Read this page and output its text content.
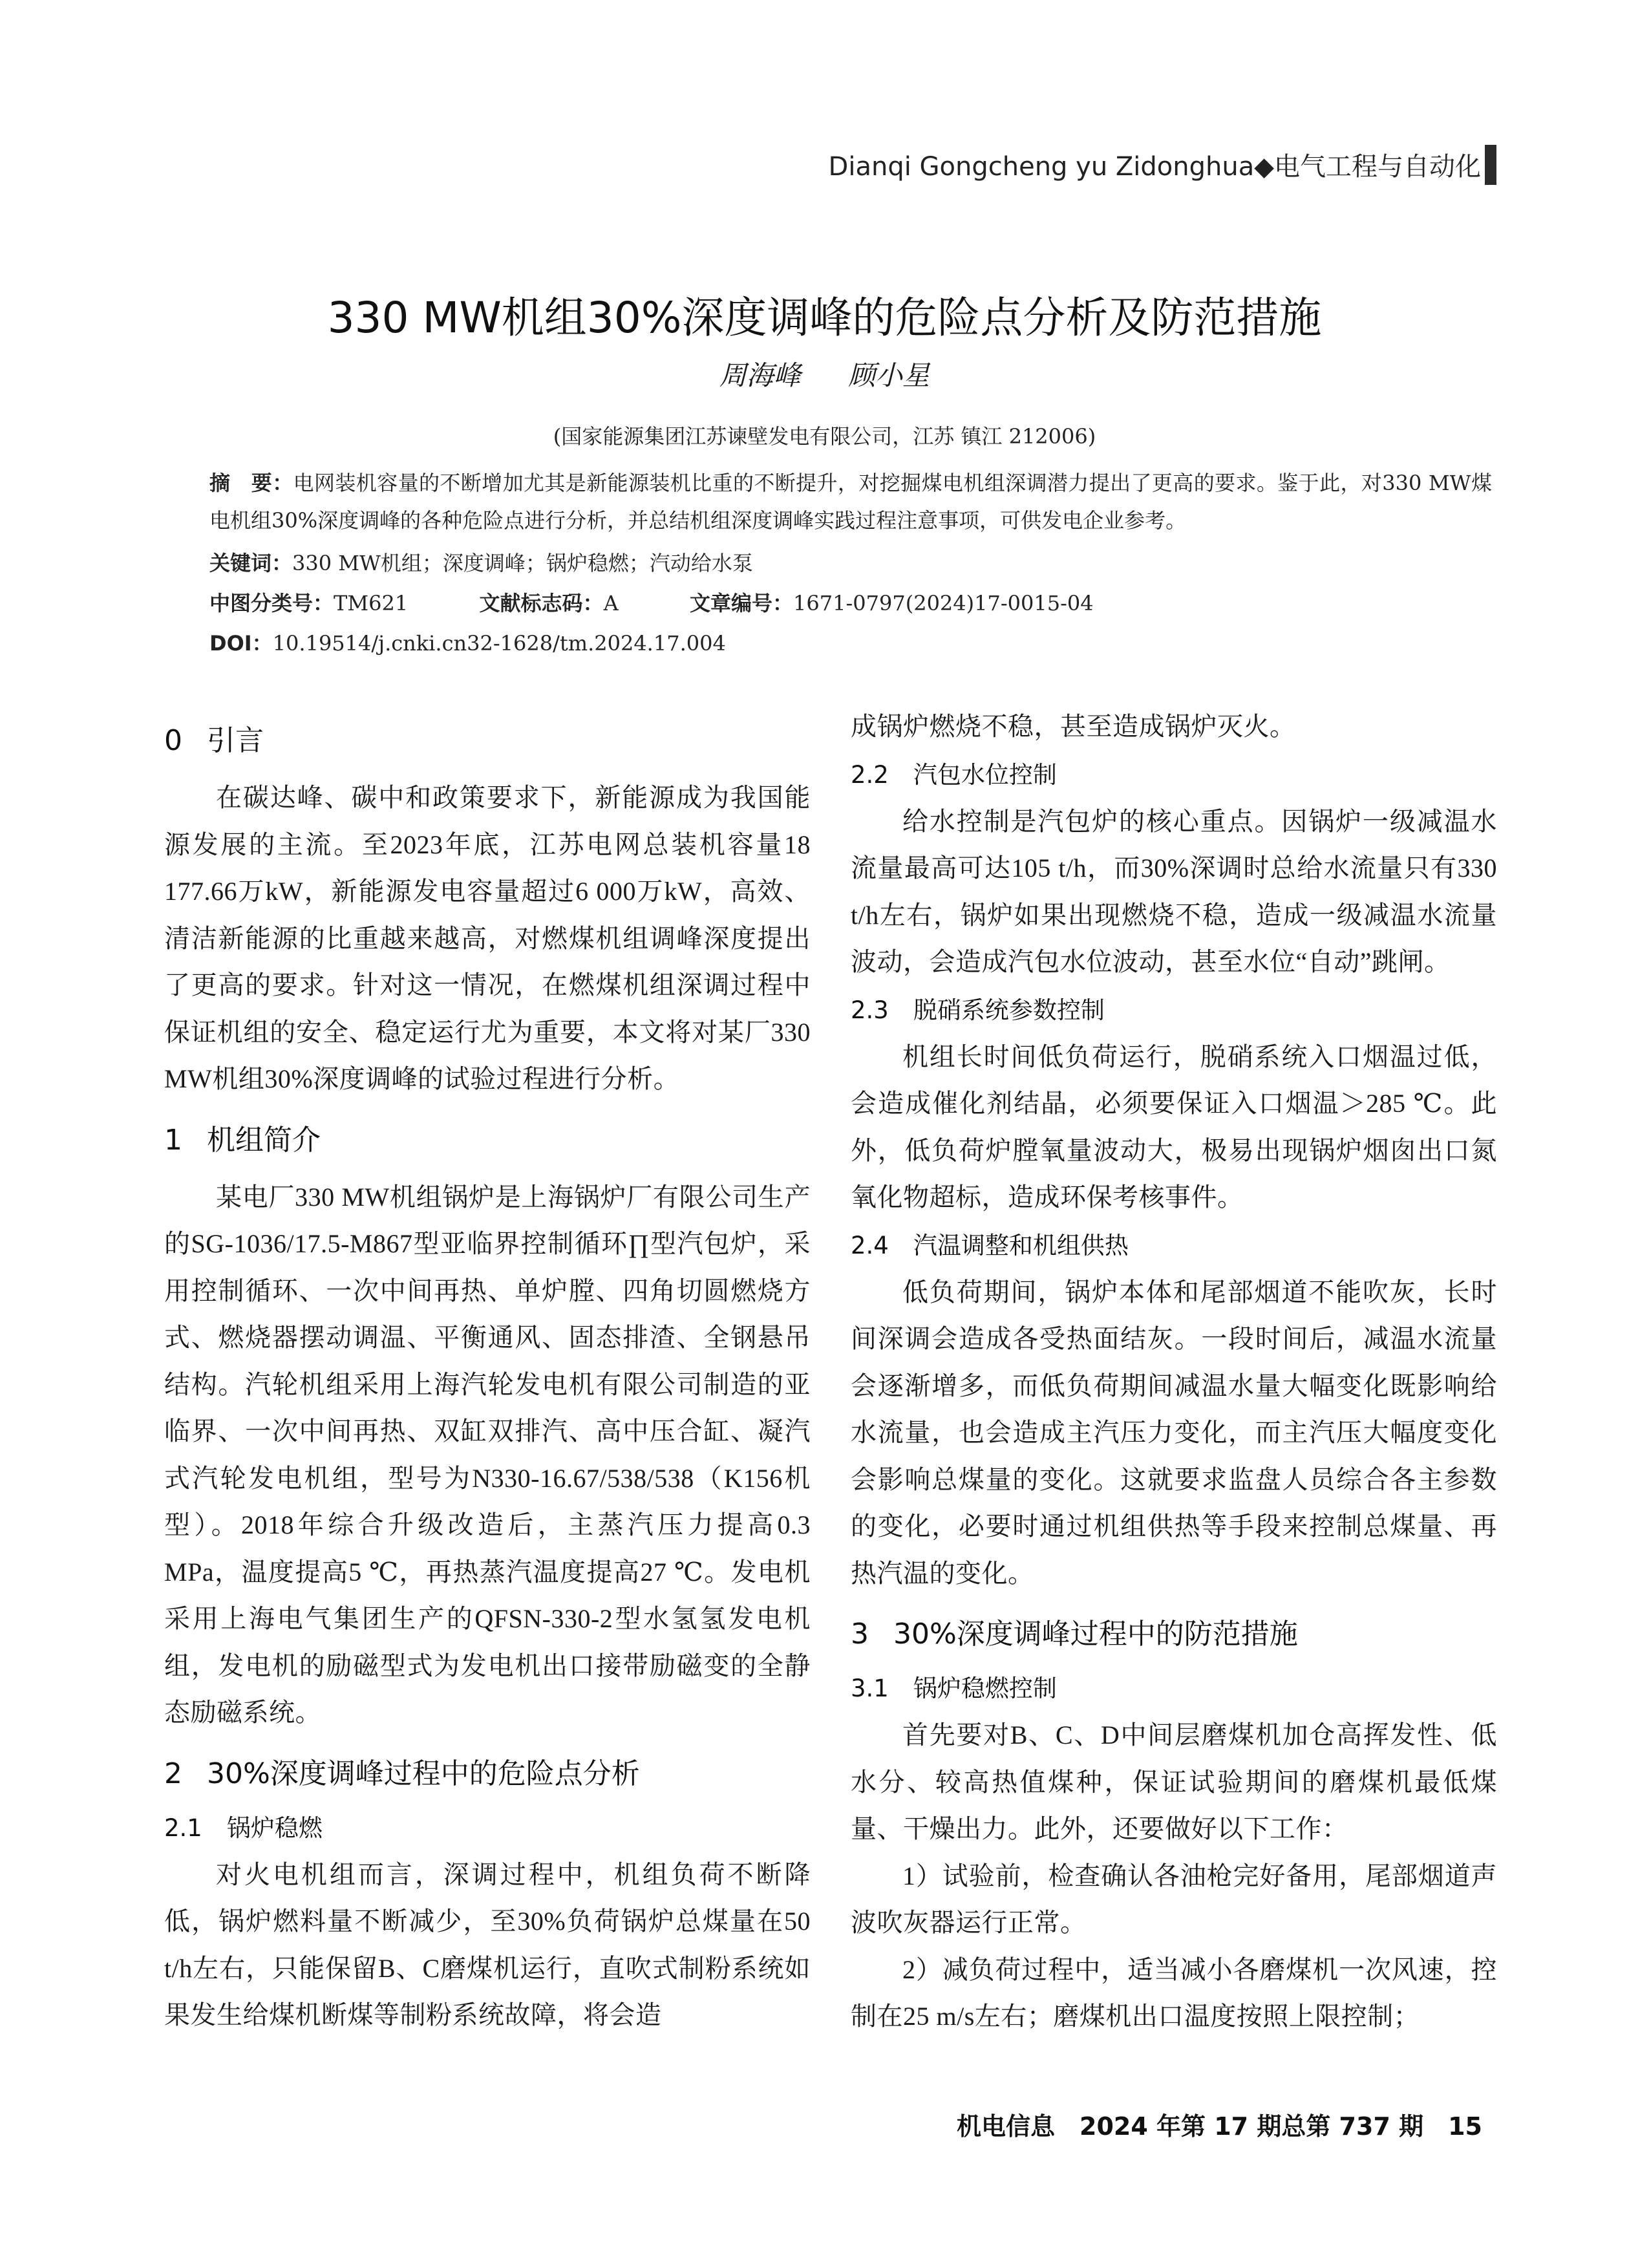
Dianqi Gongcheng yu Zidonghua◆电气工程与自动化
330 MW机组30%深度调峰的危险点分析及防范措施
周海峰 顾小星
(国家能源集团江苏谏壁发电有限公司，江苏 镇江 212006)

摘　要：电网装机容量的不断增加尤其是新能源装机比重的不断提升，对挖掘煤电机组深调潜力提出了更高的要求。鉴于此，对330 MW煤电机组30%深度调峰的各种危险点进行分析，并总结机组深度调峰实践过程注意事项，可供发电企业参考。

关键词：330 MW机组；深度调峰；锅炉稳燃；汽动给水泵
中图分类号：TM621	文献标志码：A	文章编号：1671-0797(2024)17-0015-04
DOI：10.19514/j.cnki.cn32-1628/tm.2024.17.004
0 引言

在碳达峰、碳中和政策要求下，新能源成为我国能源发展的主流。至2023年底，江苏电网总装机容量18 177.66万kW，新能源发电容量超过6 000万kW，高效、清洁新能源的比重越来越高，对燃煤机组调峰深度提出了更高的要求。针对这一情况，在燃煤机组深调过程中保证机组的安全、稳定运行尤为重要，本文将对某厂330 MW机组30%深度调峰的试验过程进行分析。

1 机组简介

某电厂330 MW机组锅炉是上海锅炉厂有限公司生产的SG-1036/17.5-M867型亚临界控制循环∏型汽包炉，采用控制循环、一次中间再热、单炉膛、四角切圆燃烧方式、燃烧器摆动调温、平衡通风、固态排渣、全钢悬吊结构。汽轮机组采用上海汽轮发电机有限公司制造的亚临界、一次中间再热、双缸双排汽、高中压合缸、凝汽式汽轮发电机组，型号为N330-16.67/538/538（K156机型）。2018年综合升级改造后，主蒸汽压力提高0.3 MPa，温度提高5 ℃，再热蒸汽温度提高27 ℃。发电机采用上海电气集团生产的QFSN-330-2型水氢氢发电机组，发电机的励磁型式为发电机出口接带励磁变的全静态励磁系统。

2 30%深度调峰过程中的危险点分析
2.1 锅炉稳燃

对火电机组而言，深调过程中，机组负荷不断降低，锅炉燃料量不断减少，至30%负荷锅炉总煤量在50 t/h左右，只能保留B、C磨煤机运行，直吹式制粉系统如果发生给煤机断煤等制粉系统故障，将会造

成锅炉燃烧不稳，甚至造成锅炉灭火。

2.2 汽包水位控制

给水控制是汽包炉的核心重点。因锅炉一级减温水流量最高可达105 t/h，而30%深调时总给水流量只有330 t/h左右，锅炉如果出现燃烧不稳，造成一级减温水流量波动，会造成汽包水位波动，甚至水位“自动”跳闸。

2.3 脱硝系统参数控制

机组长时间低负荷运行，脱硝系统入口烟温过低，会造成催化剂结晶，必须要保证入口烟温＞285 ℃。此外，低负荷炉膛氧量波动大，极易出现锅炉烟囱出口氮氧化物超标，造成环保考核事件。

2.4 汽温调整和机组供热

低负荷期间，锅炉本体和尾部烟道不能吹灰，长时间深调会造成各受热面结灰。一段时间后，减温水流量会逐渐增多，而低负荷期间减温水量大幅变化既影响给水流量，也会造成主汽压力变化，而主汽压大幅度变化会影响总煤量的变化。这就要求监盘人员综合各主参数的变化，必要时通过机组供热等手段来控制总煤量、再热汽温的变化。

3 30%深度调峰过程中的防范措施
3.1 锅炉稳燃控制

首先要对B、C、D中间层磨煤机加仓高挥发性、低水分、较高热值煤种，保证试验期间的磨煤机最低煤量、干燥出力。此外，还要做好以下工作：

1）试验前，检查确认各油枪完好备用，尾部烟道声波吹灰器运行正常。

2）减负荷过程中，适当减小各磨煤机一次风速，控制在25 m/s左右；磨煤机出口温度按照上限控制；

机电信息　2024 年第 17 期总第 737 期　15
